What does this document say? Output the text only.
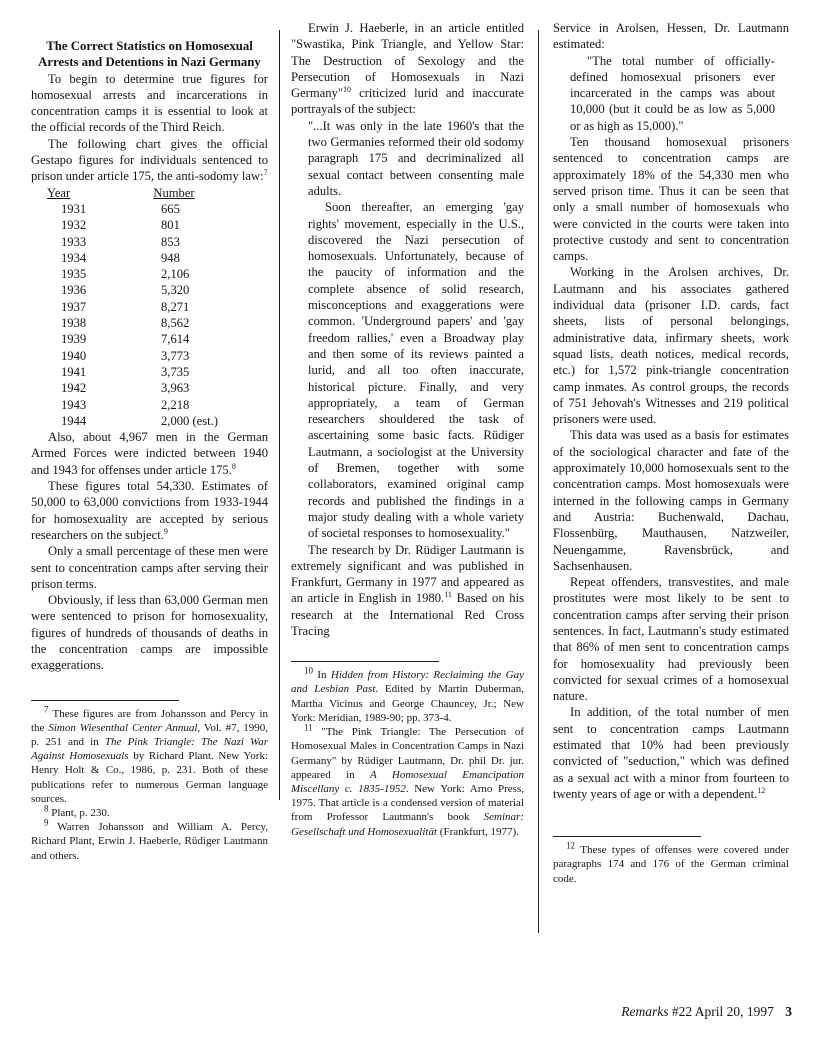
The Correct Statistics on Homosexual Arrests and Detentions in Nazi Germany

To begin to determine true figures for homosexual arrests and incarcerations in concentration camps it is essential to look at the official records of the Third Reich.

The following chart gives the official Gestapo figures for individuals sentenced to prison under article 175, the anti-sodomy law:$^7$

Year	Number
1931	665
1932	801
1933	853
1934	948
1935	2,106
1936	5,320
1937	8,271
1938	8,562
1939	7,614
1940	3,773
1941	3,735
1942	3,963
1943	2,218
1944	2,000 (est.)

Also, about 4,967 men in the German Armed Forces were indicted between 1940 and 1943 for offenses under article 175.$^8$

These figures total 54,330. Estimates of 50,000 to 63,000 convictions from 1933-1944 for homosexuality are accepted by serious researchers on the subject.$^9$

Only a small percentage of these men were sent to concentration camps after serving their prison terms.

Obviously, if less than 63,000 German men were sentenced to prison for homosexuality, figures of hundreds of thousands of deaths in the concentration camps are impossible exaggerations.

$^7$ These figures are from Johansson and Percy in the Simon Wiesenthal Center Annual, Vol. #7, 1990, p. 251 and in The Pink Triangle: The Nazi War Against Homosexuals by Richard Plant. New York: Henry Holt & Co., 1986, p. 231. Both of these publications refer to numerous German language sources.
$^8$ Plant, p. 230.
$^9$ Warren Johansson and William A. Percy, Richard Plant, Erwin J. Haeberle, Rüdiger Lautmann and others.

Erwin J. Haeberle, in an article entitled "Swastika, Pink Triangle, and Yellow Star: The Destruction of Sexology and the Persecution of Homosexuals in Nazi Germany"$^{10}$ criticized lurid and inaccurate portrayals of the subject:

"...It was only in the late 1960's that the two Germanies reformed their old sodomy paragraph 175 and decriminalized all sexual contact between consenting male adults.

Soon thereafter, an emerging 'gay rights' movement, especially in the U.S., discovered the Nazi persecution of homosexuals. Unfortunately, because of the paucity of information and the complete absence of solid research, misconceptions and exaggerations were common. 'Underground papers' and 'gay freedom rallies,' even a Broadway play and then some of its reviews painted a lurid, and all too often inaccurate, historical picture. Finally, and very appropriately, a team of German researchers shouldered the task of ascertaining some basic facts. Rüdiger Lautmann, a sociologist at the University of Bremen, together with some collaborators, examined original camp records and published the findings in a major study dealing with a whole variety of societal responses to homosexuality."

The research by Dr. Rüdiger Lautmann is extremely significant and was published in Frankfurt, Germany in 1977 and appeared as an article in English in 1980.11 Based on his research at the International Red Cross Tracing

$^{10}$ In Hidden from History: Reclaiming the Gay and Lesbian Past. Edited by Martin Duberman, Martha Vicinus and George Chauncey, Jr.; New York: Meridian, 1989-90; pp. 373-4.
$^{11}$ "The Pink Triangle: The Persecution of Homosexual Males in Concentration Camps in Nazi Germany" by Rüdiger Lautmann, Dr. phil Dr. jur. appeared in A Homosexual Emancipation Miscellany c. 1835-1952. New York: Arno Press, 1975. That article is a condensed version of material from Professor Lautmann's book Seminar: Gesellschaft und Homosexualität (Frankfurt, 1977).

Service in Arolsen, Hessen, Dr. Lautmann estimated:

"The total number of officially-defined homosexual prisoners ever incarcerated in the camps was about 10,000 (but it could be as low as 5,000 or as high as 15,000)."

Ten thousand homosexual prisoners sentenced to concentration camps are approximately 18% of the 54,330 men who served prison time. Thus it can be seen that only a small number of homosexuals who were convicted in the courts were taken into protective custody and sent to concentration camps.

Working in the Arolsen archives, Dr. Lautmann and his associates gathered individual data (prisoner I.D. cards, fact sheets, lists of personal belongings, administrative data, infirmary sheets, work squad lists, death notices, medical records, etc.) for 1,572 pink-triangle concentration camp inmates. As control groups, the records of 751 Jehovah's Witnesses and 219 political prisoners were used.

This data was used as a basis for estimates of the sociological character and fate of the approximately 10,000 homosexuals sent to the concentration camps. Most homosexuals were interned in the following camps in Germany and Austria: Buchenwald, Dachau, Flossenbürg, Mauthausen, Natzweiler, Neuengamme, Ravensbrück, and Sachsenhausen.

Repeat offenders, transvestites, and male prostitutes were most likely to be sent to concentration camps after serving their prison sentences. In fact, Lautmann's study estimated that 86% of men sent to concentration camps for homosexuality had previously been convicted for sexual crimes of a homosexual nature.

In addition, of the total number of men sent to concentration camps Lautmann estimated that 10% had been previously convicted of "seduction," which was defined as a sexual act with a minor from fourteen to twenty years of age or with a dependent.$^{12}$

$^{12}$ These types of offenses were covered under paragraphs 174 and 176 of the German criminal code.
Remarks #22 April 20, 1997 3
